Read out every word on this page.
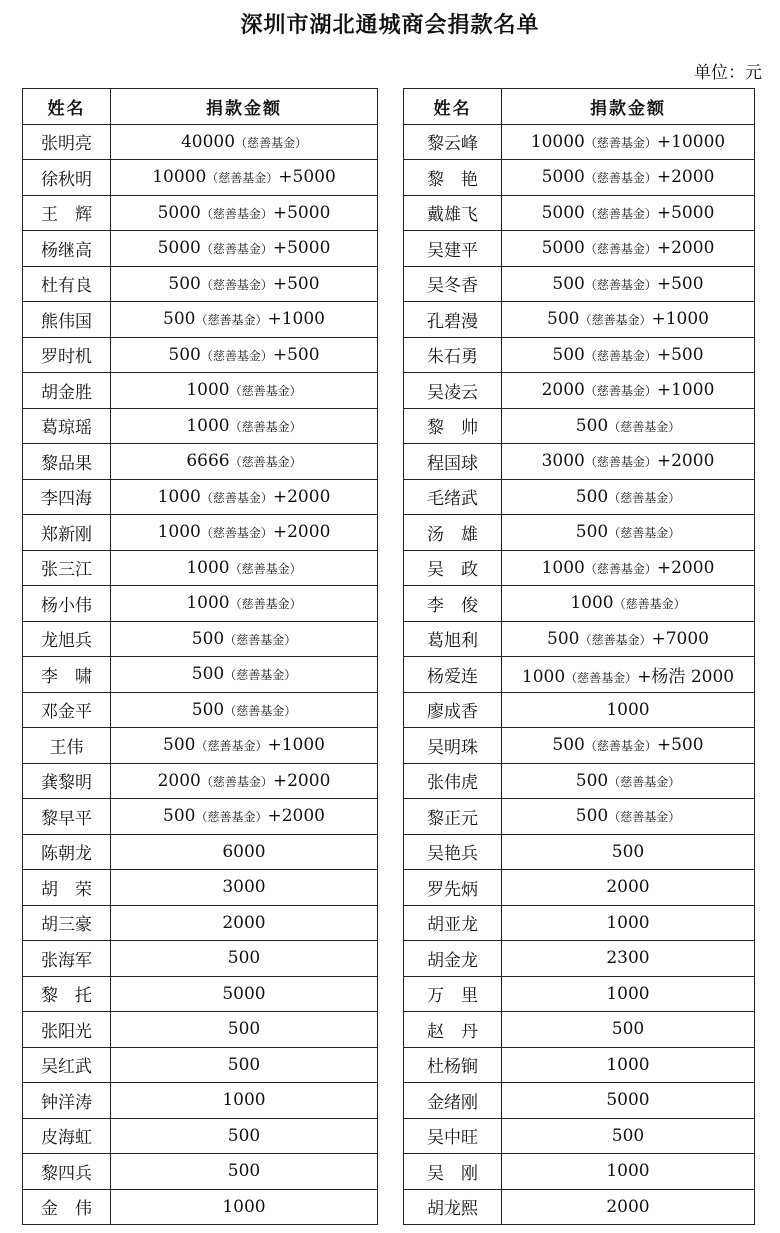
深圳市湖北通城商会捐款名单
单位：元
姓名	捐款金额
张明亮	40000（慈善基金）
徐秋明	10000（慈善基金）+5000
王　辉	5000（慈善基金）+5000
杨继高	5000（慈善基金）+5000
杜有良	500（慈善基金）+500
熊伟国	500（慈善基金）+1000
罗时机	500（慈善基金）+500
胡金胜	1000（慈善基金）
葛琼瑶	1000（慈善基金）
黎品果	6666（慈善基金）
李四海	1000（慈善基金）+2000
郑新刚	1000（慈善基金）+2000
张三江	1000（慈善基金）
杨小伟	1000（慈善基金）
龙旭兵	500（慈善基金）
李　啸	500（慈善基金）
邓金平	500（慈善基金）
王伟	500（慈善基金）+1000
龚黎明	2000（慈善基金）+2000
黎早平	500（慈善基金）+2000
陈朝龙	6000
胡　荣	3000
胡三豪	2000
张海军	500
黎　托	5000
张阳光	500
吴红武	500
钟洋涛	1000
皮海虹	500
黎四兵	500
金　伟	1000
姓名	捐款金额
黎云峰	10000（慈善基金）+10000
黎　艳	5000（慈善基金）+2000
戴雄飞	5000（慈善基金）+5000
吴建平	5000（慈善基金）+2000
吴冬香	500（慈善基金）+500
孔碧漫	500（慈善基金）+1000
朱石勇	500（慈善基金）+500
吴凌云	2000（慈善基金）+1000
黎　帅	500（慈善基金）
程国球	3000（慈善基金）+2000
毛绪武	500（慈善基金）
汤　雄	500（慈善基金）
吴　政	1000（慈善基金）+2000
李　俊	1000（慈善基金）
葛旭利	500（慈善基金）+7000
杨爱连	1000（慈善基金）+杨浩 2000
廖成香	1000
吴明珠	500（慈善基金）+500
张伟虎	500（慈善基金）
黎正元	500（慈善基金）
吴艳兵	500
罗先炳	2000
胡亚龙	1000
胡金龙	2300
万　里	1000
赵　丹	500
杜杨锏	1000
金绪刚	5000
吴中旺	500
吴　刚	1000
胡龙熙	2000
